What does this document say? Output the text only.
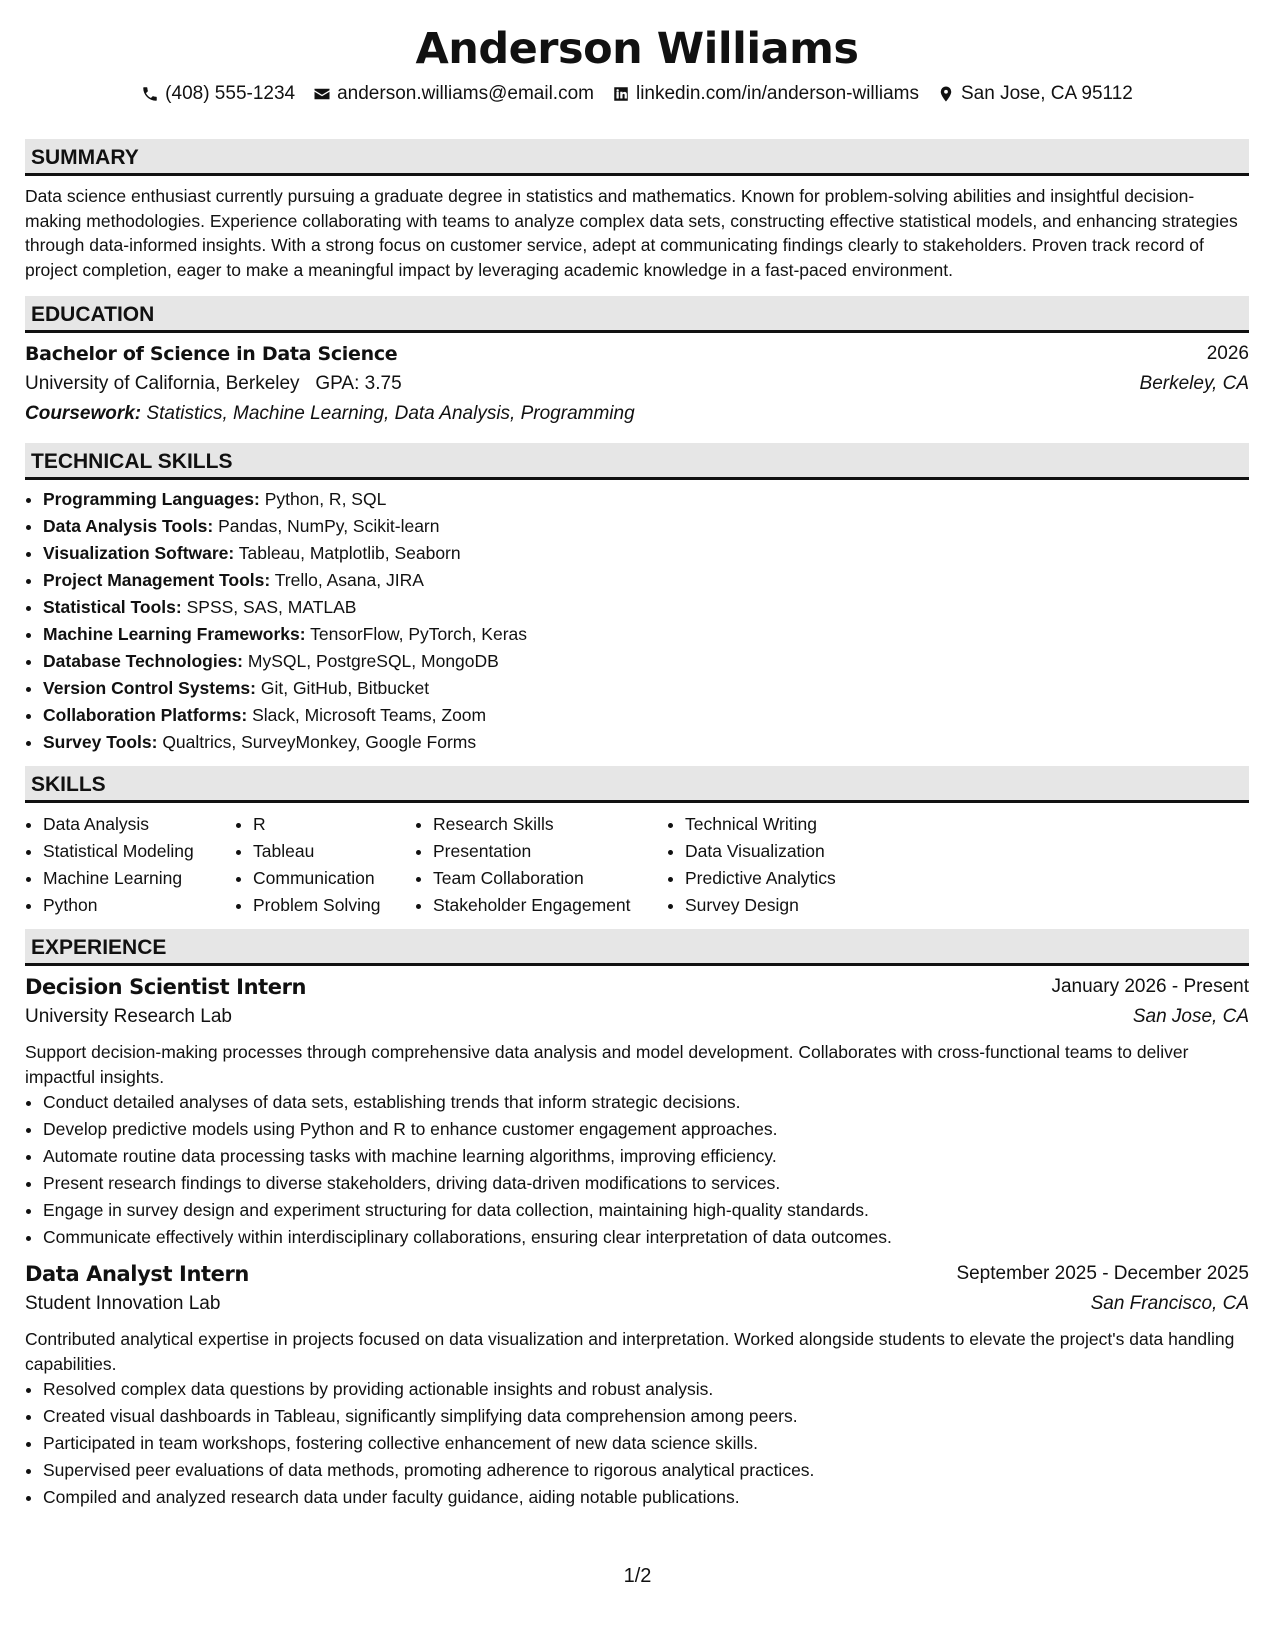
Anderson Williams
(408) 555-1234 anderson.williams@email.com linkedin.com/in/anderson-williams San Jose, CA 95112
SUMMARY
Data science enthusiast currently pursuing a graduate degree in statistics and mathematics. Known for problem-solving abilities and insightful decision-making methodologies. Experience collaborating with teams to analyze complex data sets, constructing effective statistical models, and enhancing strategies through data-informed insights. With a strong focus on customer service, adept at communicating findings clearly to stakeholders. Proven track record of project completion, eager to make a meaningful impact by leveraging academic knowledge in a fast-paced environment.
EDUCATION
Bachelor of Science in Data Science	2026
University of California, Berkeley GPA: 3.75	Berkeley, CA
Coursework: Statistics, Machine Learning, Data Analysis, Programming
TECHNICAL SKILLS
• Programming Languages: Python, R, SQL
• Data Analysis Tools: Pandas, NumPy, Scikit-learn
• Visualization Software: Tableau, Matplotlib, Seaborn
• Project Management Tools: Trello, Asana, JIRA
• Statistical Tools: SPSS, SAS, MATLAB
• Machine Learning Frameworks: TensorFlow, PyTorch, Keras
• Database Technologies: MySQL, PostgreSQL, MongoDB
• Version Control Systems: Git, GitHub, Bitbucket
• Collaboration Platforms: Slack, Microsoft Teams, Zoom
• Survey Tools: Qualtrics, SurveyMonkey, Google Forms
SKILLS
• Data Analysis
• Statistical Modeling
• Machine Learning
• Python
• R
• Tableau
• Communication
• Problem Solving
• Research Skills
• Presentation
• Team Collaboration
• Stakeholder Engagement
• Technical Writing
• Data Visualization
• Predictive Analytics
• Survey Design
EXPERIENCE
Decision Scientist Intern	January 2026 - Present
University Research Lab	San Jose, CA
Support decision-making processes through comprehensive data analysis and model development. Collaborates with cross-functional teams to deliver impactful insights.
• Conduct detailed analyses of data sets, establishing trends that inform strategic decisions.
• Develop predictive models using Python and R to enhance customer engagement approaches.
• Automate routine data processing tasks with machine learning algorithms, improving efficiency.
• Present research findings to diverse stakeholders, driving data-driven modifications to services.
• Engage in survey design and experiment structuring for data collection, maintaining high-quality standards.
• Communicate effectively within interdisciplinary collaborations, ensuring clear interpretation of data outcomes.
Data Analyst Intern	September 2025 - December 2025
Student Innovation Lab	San Francisco, CA
Contributed analytical expertise in projects focused on data visualization and interpretation. Worked alongside students to elevate the project's data handling capabilities.
• Resolved complex data questions by providing actionable insights and robust analysis.
• Created visual dashboards in Tableau, significantly simplifying data comprehension among peers.
• Participated in team workshops, fostering collective enhancement of new data science skills.
• Supervised peer evaluations of data methods, promoting adherence to rigorous analytical practices.
• Compiled and analyzed research data under faculty guidance, aiding notable publications.
1/2
